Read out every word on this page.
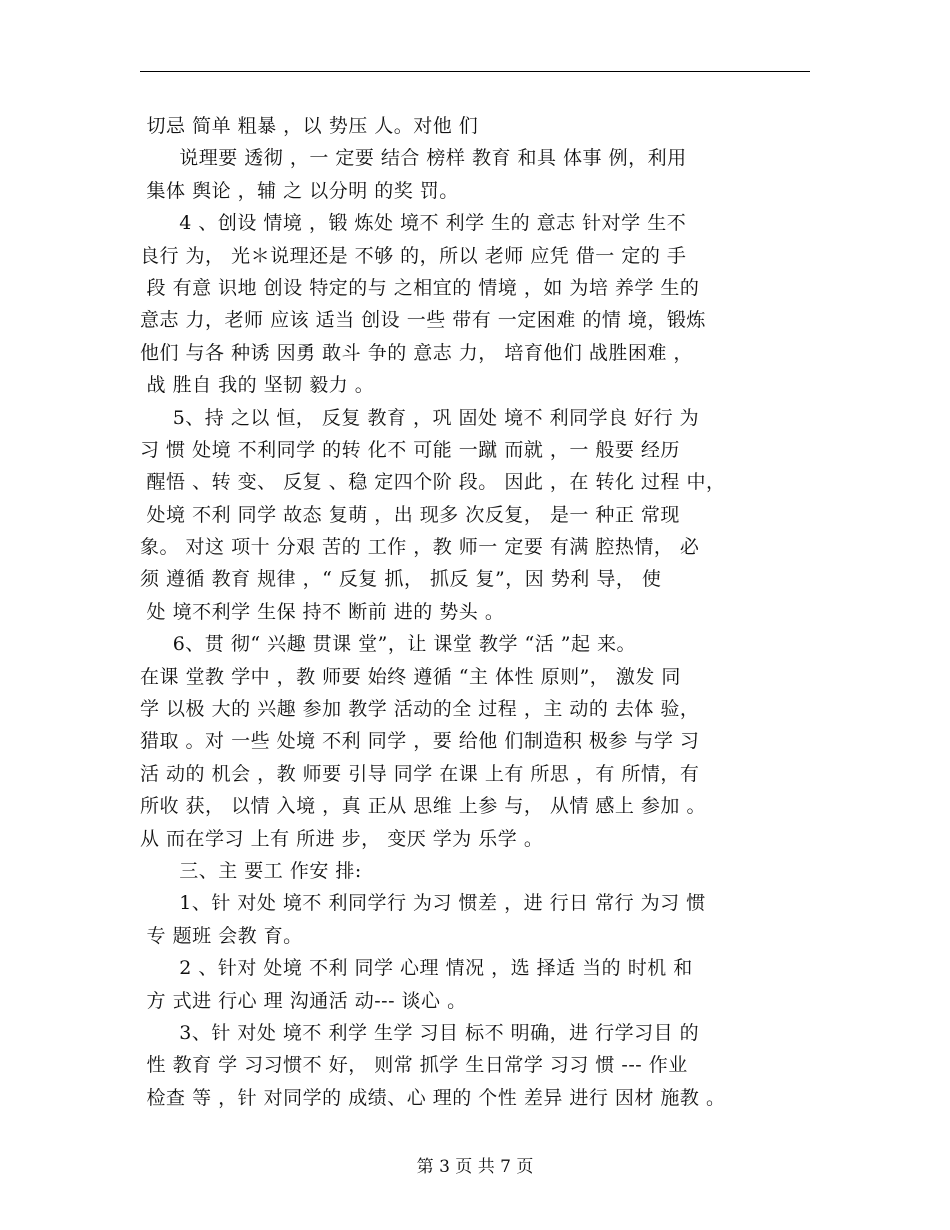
切忌 简单 粗暴 ，以 势压 人。对他 们
说理要 透彻 ，一 定要 结合 榜样 教育 和具 体事 例，利用
集体 舆论 ，辅 之 以分明 的奖 罚。
4 、创设 情境 ，锻 炼处 境不 利学 生的 意志 针对学 生不
良行 为， 光＊说理还是 不够 的，所以 老师 应凭 借一 定的 手
段 有意 识地 创设 特定的与 之相宜的 情境 ，如 为培 养学 生的
意志 力，老师 应该 适当 创设 一些 带有 一定困难 的情 境，锻炼
他们 与各 种诱 因勇 敢斗 争的 意志 力， 培育他们 战胜困难 ，
战 胜自 我的 坚韧 毅力 。
5、持 之以 恒， 反复 教育 ，巩 固处 境不 利同学良 好行 为
习 惯 处境 不利同学 的转 化不 可能 一蹴 而就 ，一 般要 经历
醒悟 、转 变、 反复 、稳 定四个阶 段。 因此 ，在 转化 过程 中，
处境 不利 同学 故态 复萌 ，出 现多 次反复， 是一 种正 常现
象。 对这 项十 分艰 苦的 工作 ，教 师一 定要 有满 腔热情， 必
须 遵循 教育 规律 ，“ 反复 抓， 抓反 复”，因 势利 导， 使
处 境不利学 生保 持不 断前 进的 势头 。
6、贯 彻“ 兴趣 贯课 堂”，让 课堂 教学 “活 ”起 来。
在课 堂教 学中 ，教 师要 始终 遵循 “主 体性 原则”， 激发 同
学 以极 大的 兴趣 参加 教学 活动的全 过程 ，主 动的 去体 验，
猎取 。对 一些 处境 不利 同学 ，要 给他 们制造积 极参 与学 习
活 动的 机会 ，教 师要 引导 同学 在课 上有 所思 ，有 所情，有
所收 获， 以情 入境 ，真 正从 思维 上参 与， 从情 感上 参加 。
从 而在学习 上有 所进 步， 变厌 学为 乐学 。
三、主 要工 作安 排:
1、针 对处 境不 利同学行 为习 惯差 ，进 行日 常行 为习 惯
专 题班 会教 育。
2 、针对 处境 不利 同学 心理 情况 ，选 择适 当的 时机 和
方 式进 行心 理 沟通活 动--- 谈心 。
3、针 对处 境不 利学 生学 习目 标不 明确，进 行学习目 的
性 教育 学 习习惯不 好， 则常 抓学 生日常学 习习 惯 --- 作业
检查 等 ，针 对同学的 成绩、心 理的 个性 差异 进行 因材 施教 。
第 3 页 共 7 页
